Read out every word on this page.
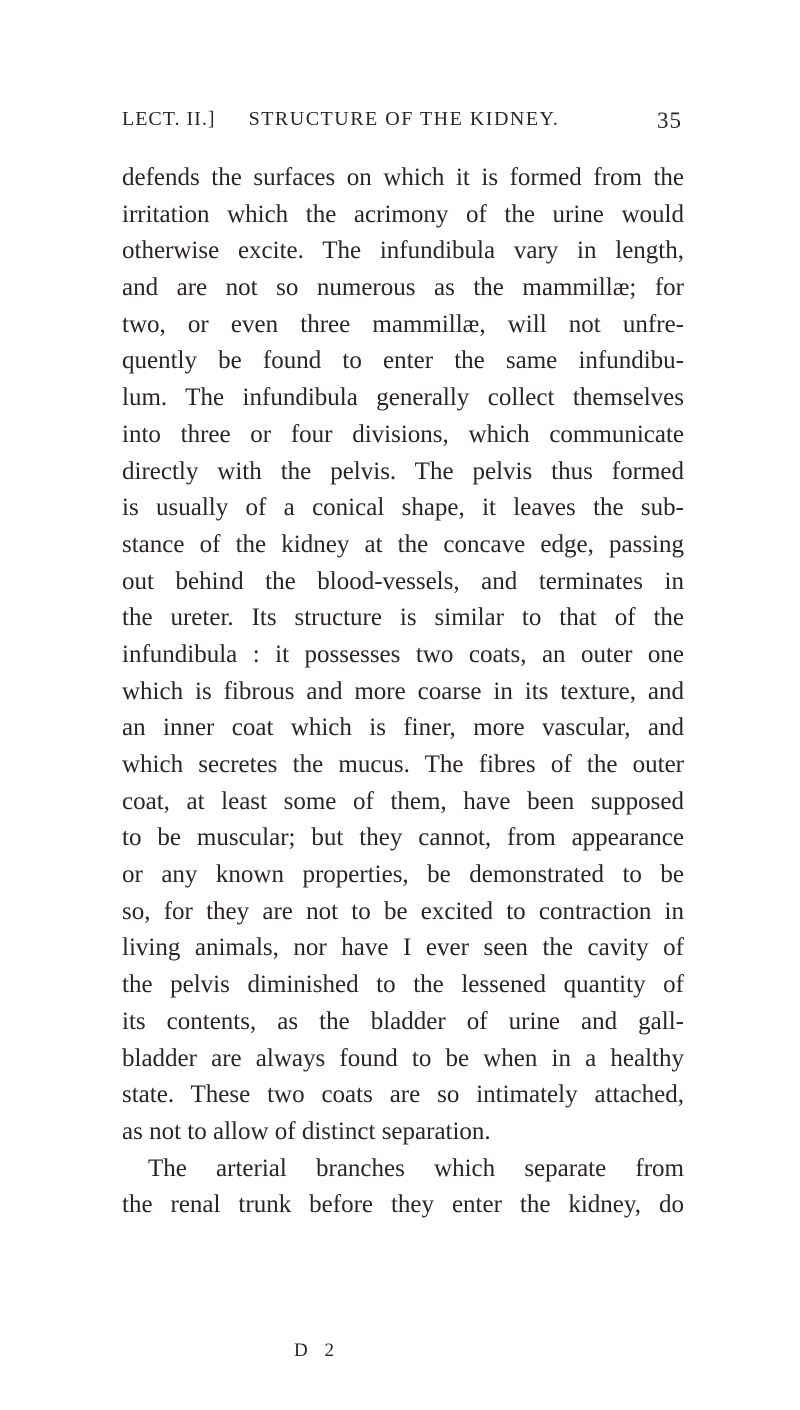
LECT. II.]	STRUCTURE OF THE KIDNEY.	35
defends the surfaces on which it is formed from the
irritation which the acrimony of the urine would
otherwise excite. The infundibula vary in length,
and are not so numerous as the mammillæ; for
two, or even three mammillæ, will not unfre-
quently be found to enter the same infundibu-
lum. The infundibula generally collect themselves
into three or four divisions, which communicate
directly with the pelvis. The pelvis thus formed
is usually of a conical shape, it leaves the sub-
stance of the kidney at the concave edge, passing
out behind the blood-vessels, and terminates in
the ureter. Its structure is similar to that of the
infundibula : it possesses two coats, an outer one
which is fibrous and more coarse in its texture, and
an inner coat which is finer, more vascular, and
which secretes the mucus. The fibres of the outer
coat, at least some of them, have been supposed
to be muscular; but they cannot, from appearance
or any known properties, be demonstrated to be
so, for they are not to be excited to contraction in
living animals, nor have I ever seen the cavity of
the pelvis diminished to the lessened quantity of
its contents, as the bladder of urine and gall-
bladder are always found to be when in a healthy
state. These two coats are so intimately attached,
as not to allow of distinct separation.
The arterial branches which separate from
the renal trunk before they enter the kidney, do
D 2
